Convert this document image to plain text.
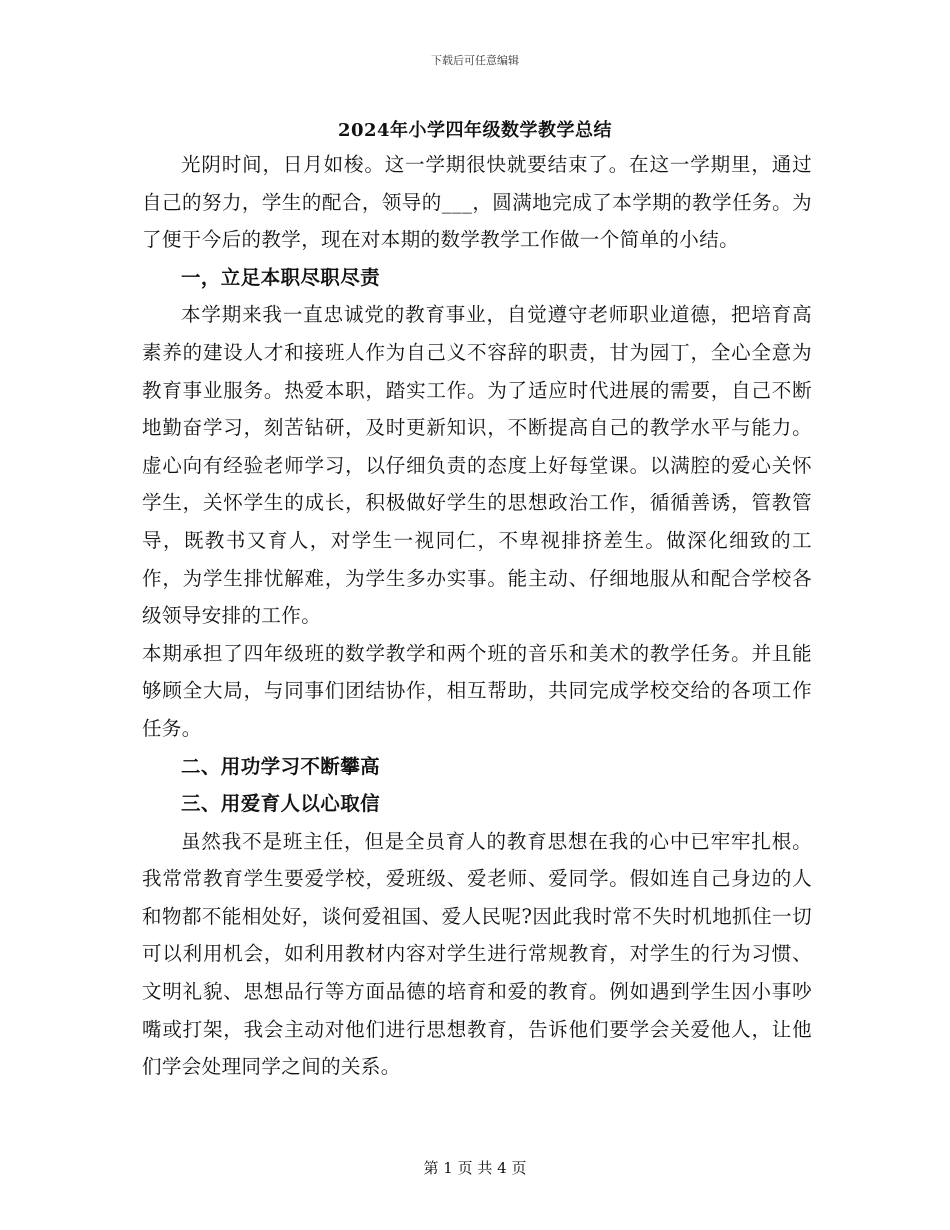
下载后可任意编辑
2024年小学四年级数学教学总结

光阴时间，日月如梭。这一学期很快就要结束了。在这一学期里，通过自己的努力，学生的配合，领导的___，圆满地完成了本学期的教学任务。为了便于今后的教学，现在对本期的数学教学工作做一个简单的小结。

一，立足本职尽职尽责

本学期来我一直忠诚党的教育事业，自觉遵守老师职业道德，把培育高素养的建设人才和接班人作为自己义不容辞的职责，甘为园丁，全心全意为教育事业服务。热爱本职，踏实工作。为了适应时代进展的需要，自己不断地勤奋学习，刻苦钻研，及时更新知识，不断提高自己的教学水平与能力。虚心向有经验老师学习，以仔细负责的态度上好每堂课。以满腔的爱心关怀学生，关怀学生的成长，积极做好学生的思想政治工作，循循善诱，管教管导，既教书又育人，对学生一视同仁，不卑视排挤差生。做深化细致的工作，为学生排忧解难，为学生多办实事。能主动、仔细地服从和配合学校各级领导安排的工作。

本期承担了四年级班的数学教学和两个班的音乐和美术的教学任务。并且能够顾全大局，与同事们团结协作，相互帮助，共同完成学校交给的各项工作任务。

二、用功学习不断攀高

三、用爱育人以心取信

虽然我不是班主任，但是全员育人的教育思想在我的心中已牢牢扎根。我常常教育学生要爱学校，爱班级、爱老师、爱同学。假如连自己身边的人和物都不能相处好，谈何爱祖国、爱人民呢?因此我时常不失时机地抓住一切可以利用机会，如利用教材内容对学生进行常规教育，对学生的行为习惯、文明礼貌、思想品行等方面品德的培育和爱的教育。例如遇到学生因小事吵嘴或打架，我会主动对他们进行思想教育，告诉他们要学会关爱他人，让他们学会处理同学之间的关系。

第 1 页 共 4 页
